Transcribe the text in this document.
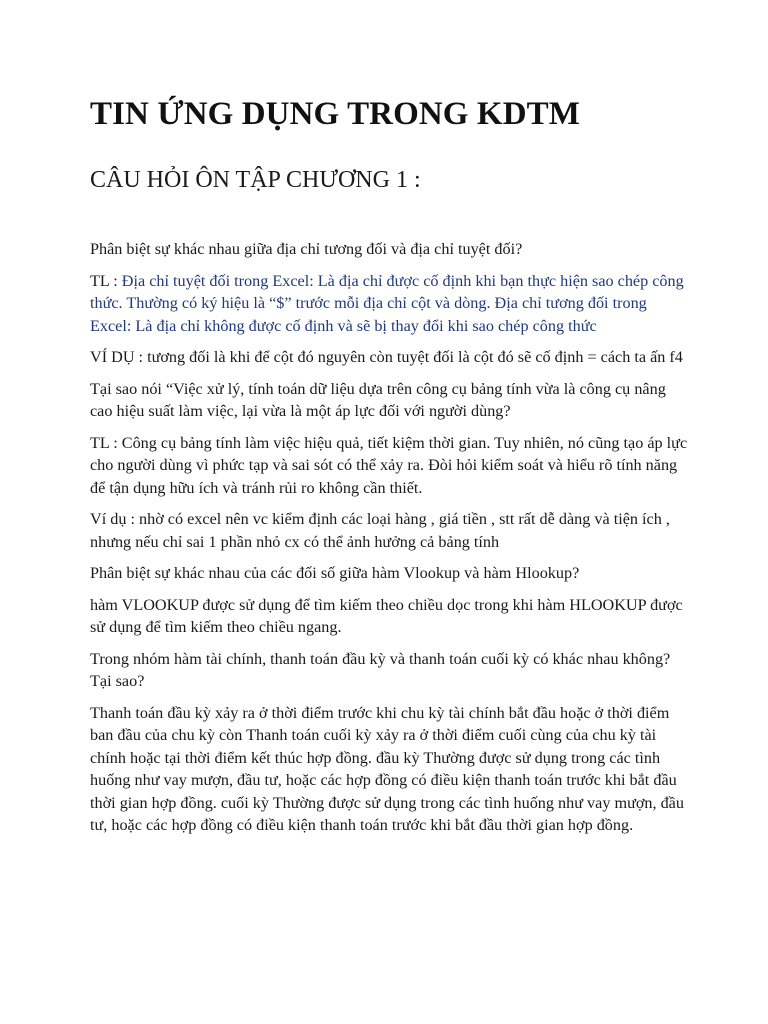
TIN ỨNG DỤNG TRONG KDTM
CÂU HỎI ÔN TẬP CHƯƠNG 1 :

Phân biệt sự khác nhau giữa địa chỉ tương đối và địa chỉ tuyệt đối?

TL : Địa chỉ tuyệt đối trong Excel: Là địa chỉ được cố định khi bạn thực hiện sao chép công thức. Thường có ký hiệu là “$” trước mỗi địa chỉ cột và dòng. Địa chỉ tương đối trong Excel: Là địa chỉ không được cố định và sẽ bị thay đổi khi sao chép công thức

VÍ DỤ : tương đối là khi để cột đó nguyên còn tuyệt đối là cột đó sẽ cố định = cách ta ấn f4

Tại sao nói “Việc xử lý, tính toán dữ liệu dựa trên công cụ bảng tính vừa là công cụ nâng cao hiệu suất làm việc, lại vừa là một áp lực đối với người dùng?

TL : Công cụ bảng tính làm việc hiệu quả, tiết kiệm thời gian. Tuy nhiên, nó cũng tạo áp lực cho người dùng vì phức tạp và sai sót có thể xảy ra. Đòi hỏi kiểm soát và hiểu rõ tính năng để tận dụng hữu ích và tránh rủi ro không cần thiết.

Ví dụ : nhờ có excel nên vc kiểm định các loại hàng , giá tiền , stt rất dễ dàng và tiện ích , nhưng nếu chỉ sai 1 phần nhỏ cx có thể ảnh hưởng cả bảng tính

Phân biệt sự khác nhau của các đối số giữa hàm Vlookup và hàm Hlookup?

hàm VLOOKUP được sử dụng để tìm kiếm theo chiều dọc trong khi hàm HLOOKUP được sử dụng để tìm kiếm theo chiều ngang.

Trong nhóm hàm tài chính, thanh toán đầu kỳ và thanh toán cuối kỳ có khác nhau không? Tại sao?

Thanh toán đầu kỳ xảy ra ở thời điểm trước khi chu kỳ tài chính bắt đầu hoặc ở thời điểm ban đầu của chu kỳ còn Thanh toán cuối kỳ xảy ra ở thời điểm cuối cùng của chu kỳ tài chính hoặc tại thời điểm kết thúc hợp đồng. đầu kỳ Thường được sử dụng trong các tình huống như vay mượn, đầu tư, hoặc các hợp đồng có điều kiện thanh toán trước khi bắt đầu thời gian hợp đồng. cuối kỳ Thường được sử dụng trong các tình huống như vay mượn, đầu tư, hoặc các hợp đồng có điều kiện thanh toán trước khi bắt đầu thời gian hợp đồng.
